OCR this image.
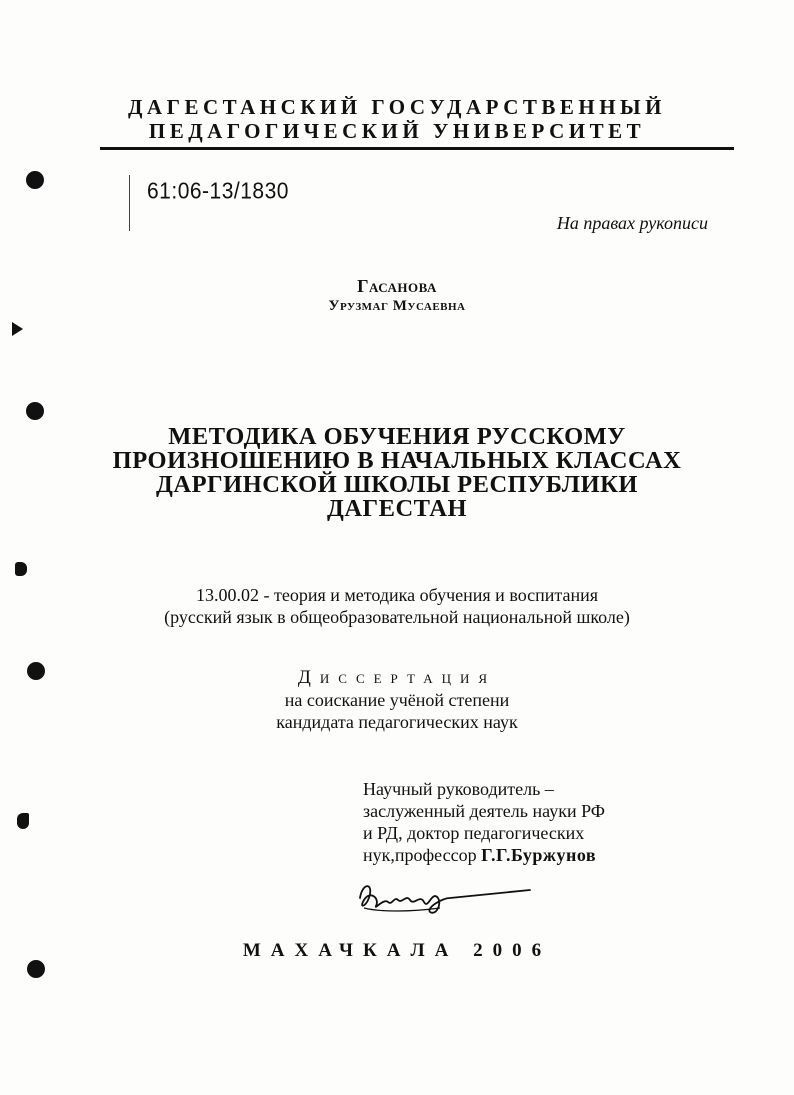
ДАГЕСТАНСКИЙ ГОСУДАРСТВЕННЫЙ
ПЕДАГОГИЧЕСКИЙ УНИВЕРСИТЕТ
61:06-13/1830
На правах рукописи
Гасанова
Урузмаг Мусаевна
МЕТОДИКА ОБУЧЕНИЯ РУССКОМУ
ПРОИЗНОШЕНИЮ В НАЧАЛЬНЫХ КЛАССАХ
ДАРГИНСКОЙ ШКОЛЫ РЕСПУБЛИКИ
ДАГЕСТАН
13.00.02 - теория и методика обучения и воспитания
(русский язык в общеобразовательной национальной школе)
Диссертация
на соискание учёной степени
кандидата педагогических наук
Научный руководитель –
заслуженный деятель науки РФ
и РД, доктор педагогических
нук,профессор Г.Г.Буржунов
МАХАЧКАЛА 2006
